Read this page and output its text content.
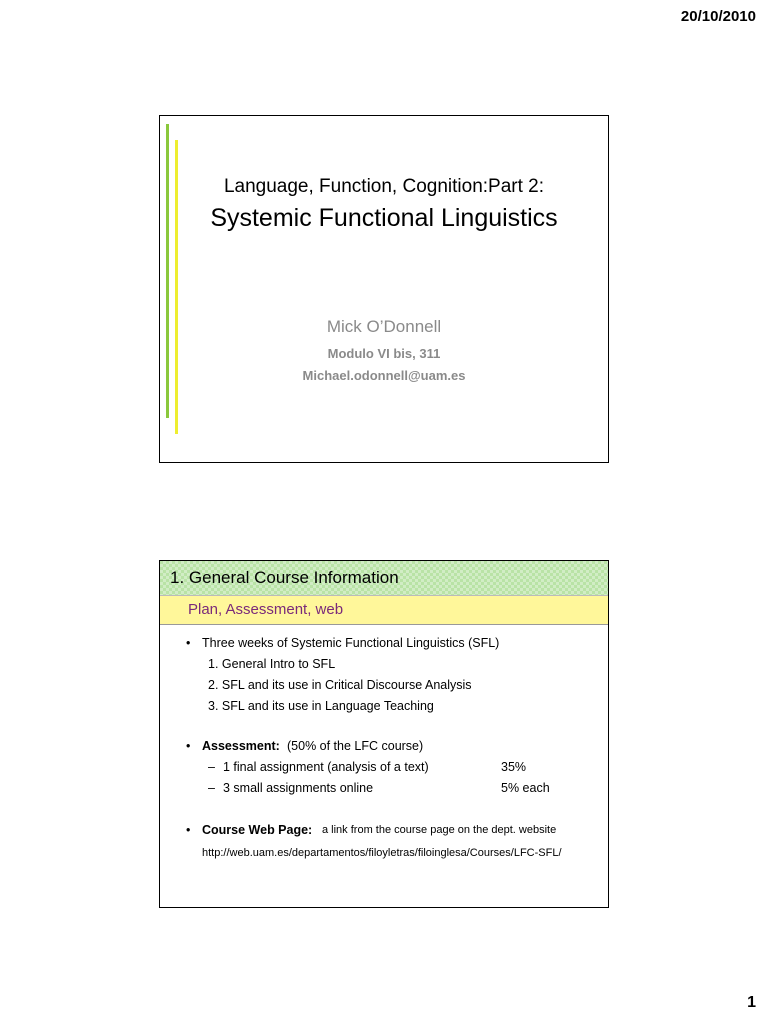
20/10/2010
Language, Function, Cognition:Part 2:
Systemic Functional Linguistics
Mick O’Donnell
Modulo VI bis, 311
Michael.odonnell@uam.es
1. General Course Information
Plan, Assessment, web
• Three weeks of Systemic Functional Linguistics (SFL)
1. General Intro to SFL
2. SFL and its use in Critical Discourse Analysis
3. SFL and its use in Language Teaching
• Assessment: (50% of the LFC course)
– 1 final assignment (analysis of a text)	35%
– 3 small assignments online	5% each
• Course Web Page: a link from the course page on the dept. website
http://web.uam.es/departamentos/filoyletras/filoinglesa/Courses/LFC-SFL/
1
